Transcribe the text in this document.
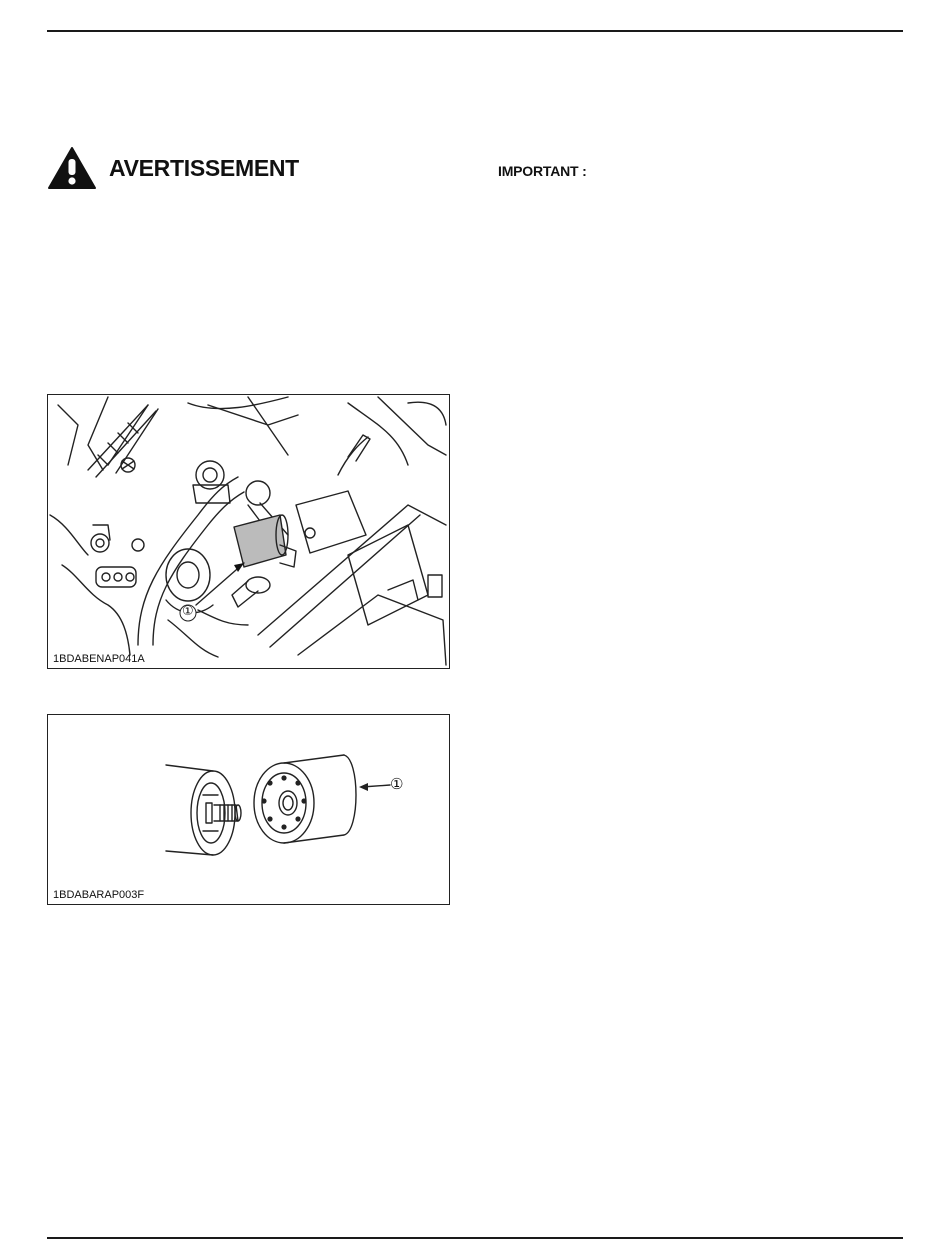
AVERTISSEMENT	IMPORTANT :
①
1BDABENAP041A
①
1BDABARAP003F
